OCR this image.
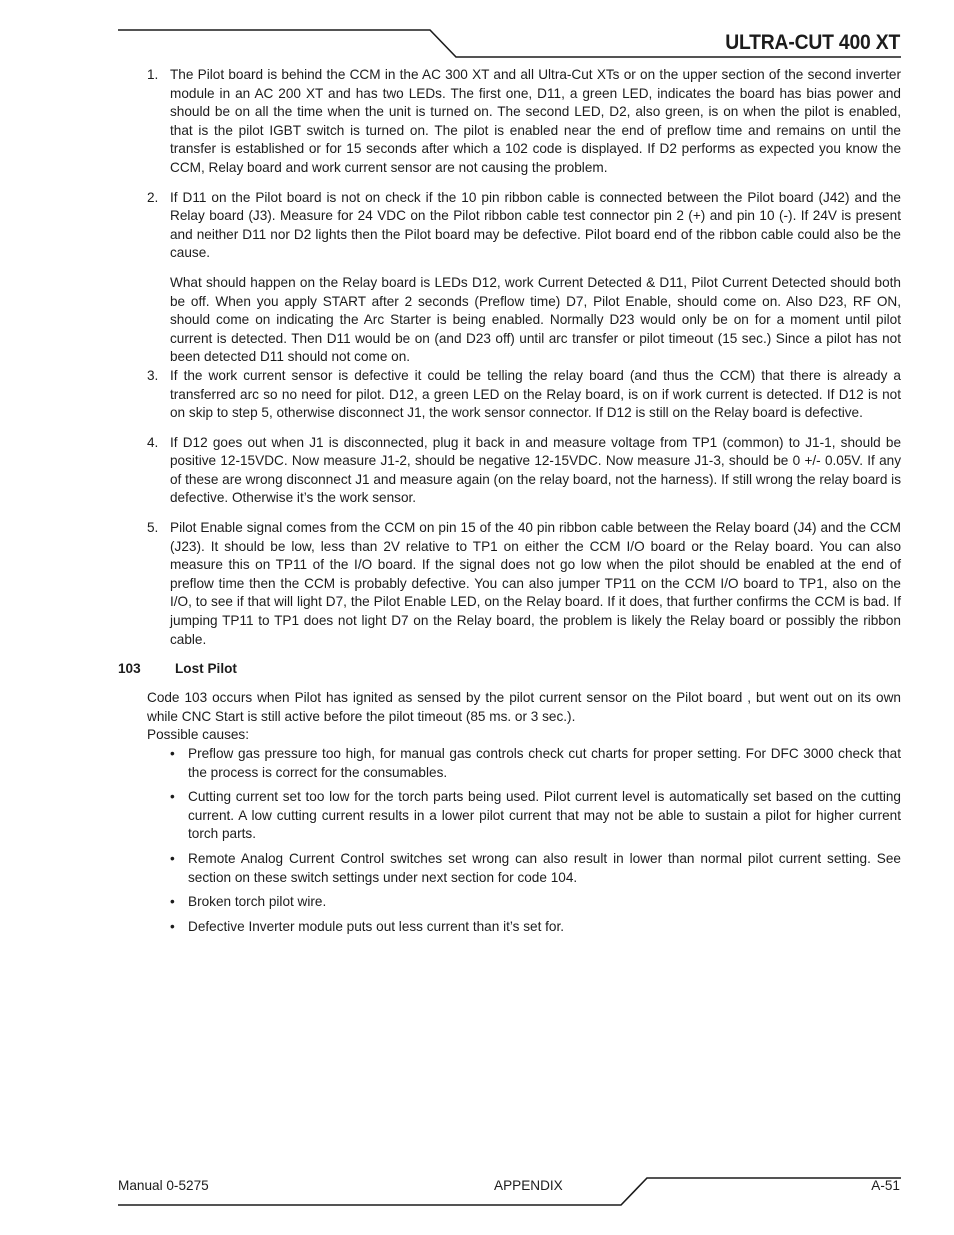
ULTRA-CUT 400 XT
1. The Pilot board is behind the CCM in the AC 300 XT and all Ultra-Cut XTs or on the upper section of the second inverter module in an AC 200 XT and has two LEDs. The first one, D11, a green LED, indicates the board has bias power and should be on all the time when the unit is turned on. The second LED, D2, also green, is on when the pilot is enabled, that is the pilot IGBT switch is turned on. The pilot is enabled near the end of preflow time and remains on until the transfer is established or for 15 seconds after which a 102 code is displayed. If D2 performs as expected you know the CCM, Relay board and work current sensor are not causing the problem.

2. If D11 on the Pilot board is not on check if the 10 pin ribbon cable is connected between the Pilot board (J42) and the Relay board (J3). Measure for 24 VDC on the Pilot ribbon cable test connector pin 2 (+) and pin 10 (-). If 24V is present and neither D11 nor D2 lights then the Pilot board may be defective. Pilot board end of the ribbon cable could also be the cause.

What should happen on the Relay board is LEDs D12, work Current Detected & D11, Pilot Current Detected should both be off. When you apply START after 2 seconds (Preflow time) D7, Pilot Enable, should come on. Also D23, RF ON, should come on indicating the Arc Starter is being enabled. Normally D23 would only be on for a moment until pilot current is detected. Then D11 would be on (and D23 off) until arc transfer or pilot timeout (15 sec.) Since a pilot has not been detected D11 should not come on.

3. If the work current sensor is defective it could be telling the relay board (and thus the CCM) that there is already a transferred arc so no need for pilot. D12, a green LED on the Relay board, is on if work current is detected. If D12 is not on skip to step 5, otherwise disconnect J1, the work sensor connector. If D12 is still on the Relay board is defective.

4. If D12 goes out when J1 is disconnected, plug it back in and measure voltage from TP1 (common) to J1-1, should be positive 12-15VDC. Now measure J1-2, should be negative 12-15VDC. Now measure J1-3, should be 0 +/- 0.05V. If any of these are wrong disconnect J1 and measure again (on the relay board, not the harness). If still wrong the relay board is defective. Otherwise it’s the work sensor.

5. Pilot Enable signal comes from the CCM on pin 15 of the 40 pin ribbon cable between the Relay board (J4) and the CCM (J23). It should be low, less than 2V relative to TP1 on either the CCM I/O board or the Relay board. You can also measure this on TP11 of the I/O board. If the signal does not go low when the pilot should be enabled at the end of preflow time then the CCM is probably defective. You can also jumper TP11 on the CCM I/O board to TP1, also on the I/O, to see if that will light D7, the Pilot Enable LED, on the Relay board. If it does, that further confirms the CCM is bad. If jumping TP11 to TP1 does not light D7 on the Relay board, the problem is likely the Relay board or possibly the ribbon cable.

103	Lost Pilot

Code 103 occurs when Pilot has ignited as sensed by the pilot current sensor on the Pilot board , but went out on its own while CNC Start is still active before the pilot timeout (85 ms. or 3 sec.).

Possible causes:

• Preflow gas pressure too high, for manual gas controls check cut charts for proper setting. For DFC 3000 check that the process is correct for the consumables.
• Cutting current set too low for the torch parts being used. Pilot current level is automatically set based on the cutting current. A low cutting current results in a lower pilot current that may not be able to sustain a pilot for higher current torch parts.
• Remote Analog Current Control switches set wrong can also result in lower than normal pilot current setting. See section on these switch settings under next section for code 104.
• Broken torch pilot wire.
• Defective Inverter module puts out less current than it’s set for.
Manual 0-5275	APPENDIX	A-51
